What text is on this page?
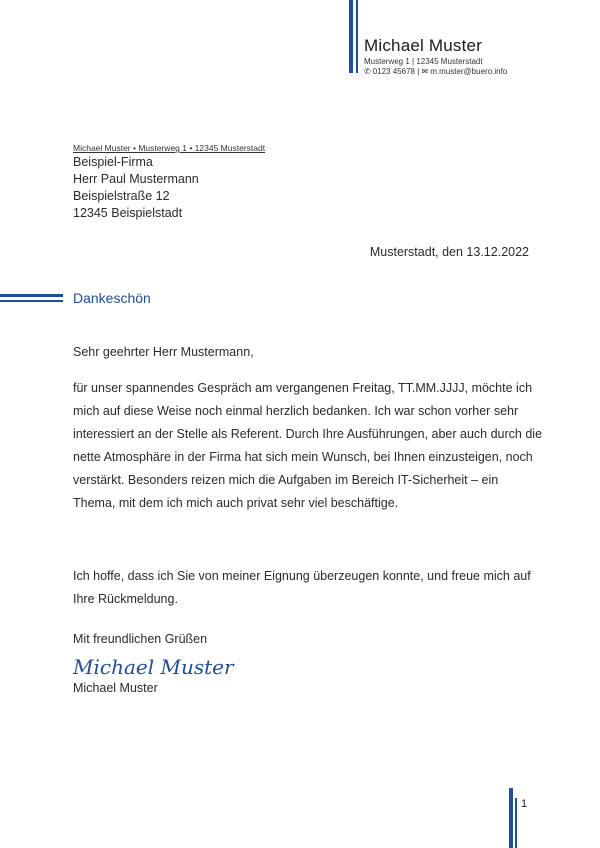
Michael Muster
Musterweg 1 | 12345 Musterstadt
✆ 0123 45678 | ✉ m.muster@buero.info
Michael Muster • Musterweg 1 • 12345 Musterstadt
Beispiel-Firma
Herr Paul Mustermann
Beispielstraße 12
12345 Beispielstadt
Musterstadt, den 13.12.2022
Dankeschön
Sehr geehrter Herr Mustermann,

für unser spannendes Gespräch am vergangenen Freitag, TT.MM.JJJJ, möchte ich mich auf diese Weise noch einmal herzlich bedanken. Ich war schon vorher sehr interessiert an der Stelle als Referent. Durch Ihre Ausführungen, aber auch durch die nette Atmosphäre in der Firma hat sich mein Wunsch, bei Ihnen einzusteigen, noch verstärkt. Besonders reizen mich die Aufgaben im Bereich IT-Sicherheit – ein Thema, mit dem ich mich auch privat sehr viel beschäftige.

Ich hoffe, dass ich Sie von meiner Eignung überzeugen konnte, und freue mich auf Ihre Rückmeldung.

Mit freundlichen Grüßen
Michael Muster
Michael Muster
1
